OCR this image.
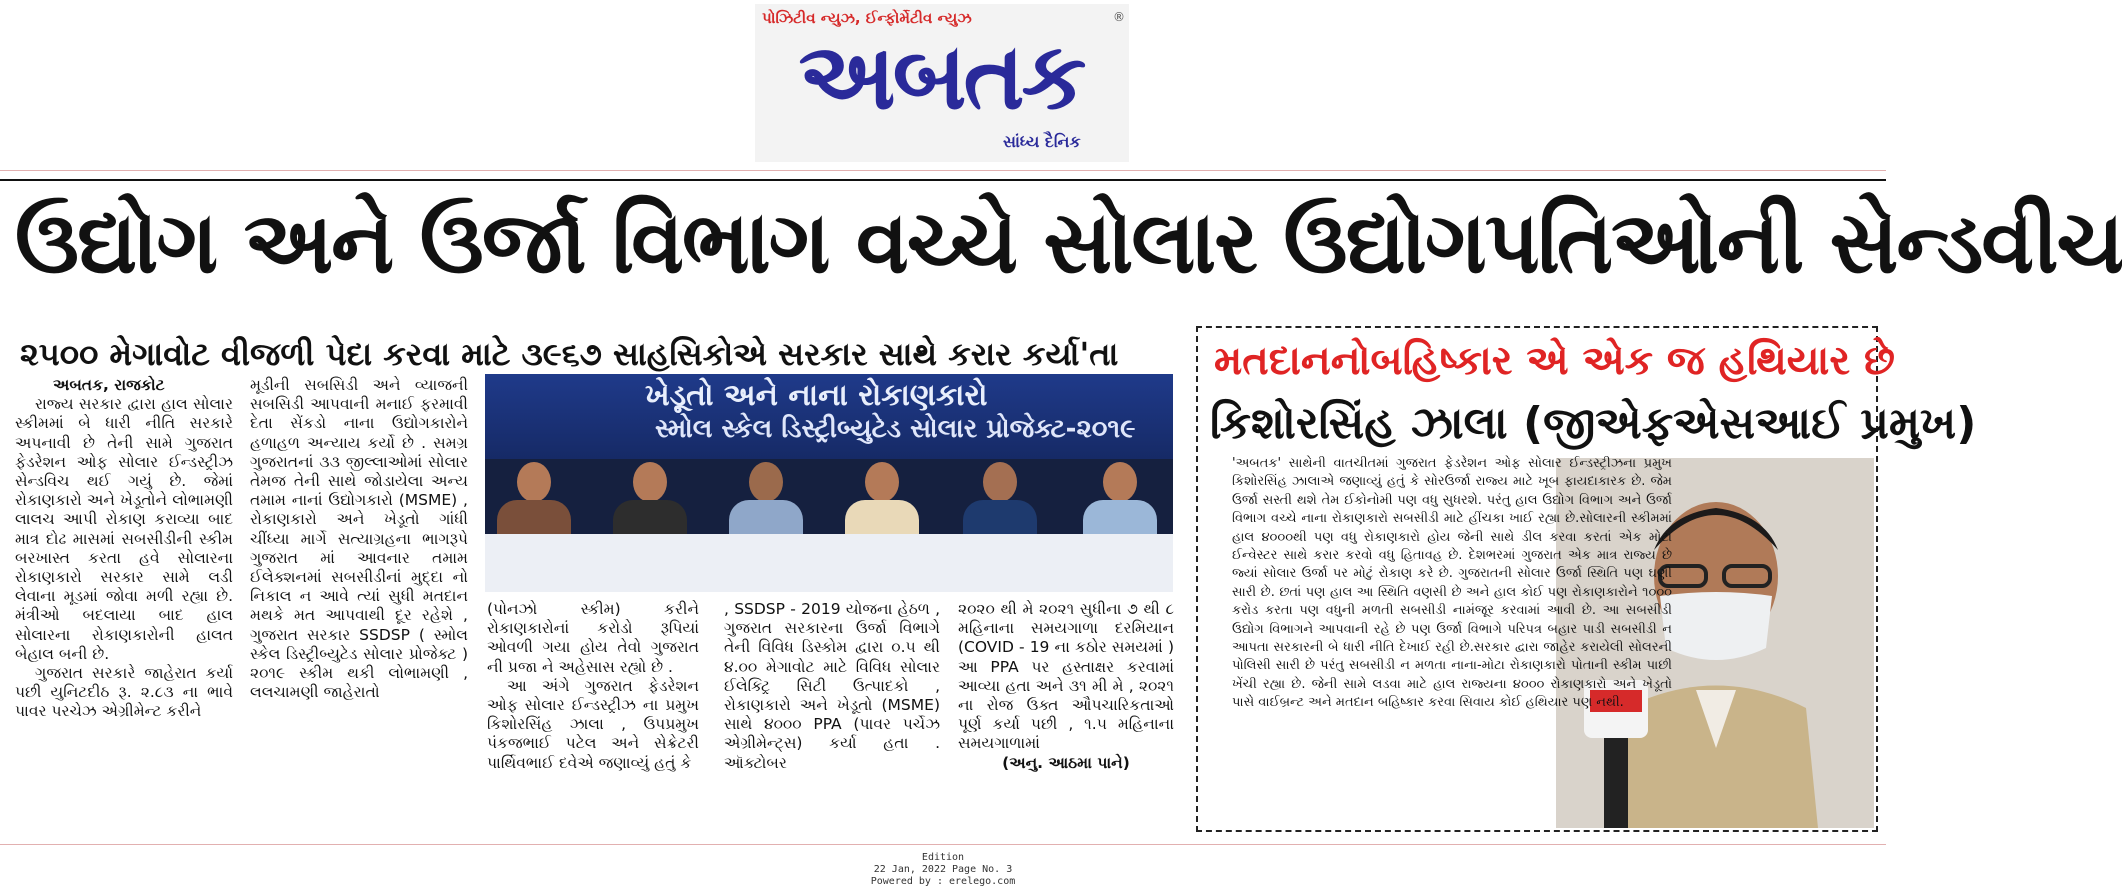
પોઝિટીવ ન્યુઝ, ઈન્ફોર્મેટીવ ન્યુઝ	®
અબતક
સાંધ્ય દૈનિક
ઉદ્યોગ અને ઉર્જા વિભાગ વચ્ચે સોલાર ઉદ્યોગપતિઓની સેન્ડવીચ
૨૫૦૦ મેગાવોટ વીજળી પેદા કરવા માટે ૩૯૬૭ સાહસિકોએ સરકાર સાથે કરાર કર્યા'તા

અબતક, રાજકોટ

રાજ્ય સરકાર દ્વારા હાલ સોલાર સ્કીમમાં બે ધારી નીતિ સરકારે અપનાવી છે તેની સામે ગુજરાત ફેડરેશન ઓફ સોલાર ઈન્ડસ્ટ્રીઝ સેન્ડવિચ થઈ ગયું છે. જેમાં રોકાણકારો અને ખેડૂતોને લોભામણી લાલચ આપી રોકાણ કરાવ્યા બાદ માત્ર દોઢ માસમાં સબસીડીની સ્કીમ બરખાસ્ત કરતા હવે સોલારના રોકાણકારો સરકાર સામે લડી લેવાના મૂડમાં જોવા મળી રહ્યા છે. મંત્રીઓ બદલાયા બાદ હાલ સોલારના રોકાણકારોની હાલત બેહાલ બની છે.

ગુજરાત સરકારે જાહેરાત કર્યા પછી યુનિટદીઠ રૂ. ૨.૮૩ ના ભાવે પાવર પરચેઝ એગ્રીમેન્ટ કરીને

મૂડીની સબસિડી અને વ્યાજની સબસિડી આપવાની મનાઈ ફરમાવી દેતા સેંકડો નાના ઉદ્યોગકારોને હળાહળ અન્યાય કર્યો છે . સમગ્ર ગુજરાતનાં ૩૩ જીલ્લાઓમાં સોલાર તેમજ તેની સાથે જોડાયેલા અન્ય તમામ નાનાં ઉદ્યોગકારો (MSME) , રોકાણકારો અને ખેડૂતો ગાંધી ચીંધ્યા માર્ગે સત્યાગ્રહના ભાગરૂપે ગુજરાત માં આવનાર તમામ ઈલેક્શનમાં સબસીડીનાં મુદ્દા નો નિકાલ ન આવે ત્યાં સુધી મતદાન મથકે મત આપવાથી દૂર રહેશે , ગુજરાત સરકાર SSDSP ( સ્મોલ સ્કેલ ડિસ્ટ્રીબ્યુટેડ સોલાર પ્રોજેક્ટ ) ૨૦૧૯ સ્કીમ થકી લોભામણી , લલચામણી જાહેરાતો

ખેડૂતો અને નાના રોકાણકારો
સ્મોલ સ્કેલ ડિસ્ટ્રીબ્યુટેડ સોલાર પ્રોજેક્ટ-૨૦૧૯

(પોનઝો સ્કીમ) કરીને રોકાણકારોનાં કરોડો રૂપિયાં ઓવળી ગયા હોય તેવો ગુજરાત ની પ્રજા ને અહેસાસ રહ્યો છે .

આ અંગે ગુજરાત ફેડરેશન ઓફ સોલાર ઈન્ડસ્ટ્રીઝ ના પ્રમુખ કિશોરસિંહ ઝાલા , ઉપપ્રમુખ પંકજભાઈ પટેલ અને સેક્રેટરી પાર્થિવભાઈ દવેએ જણાવ્યું હતું કે

, SSDSP - 2019 યોજના હેઠળ , ગુજરાત સરકારના ઉર્જા વિભાગે તેની વિવિધ ડિસ્કોમ દ્વારા ૦.૫ થી ૪.૦૦ મેગાવોટ માટે વિવિધ સોલાર ઈલેક્ટ્રિ સિટી ઉત્પાદકો , રોકાણકારો અને ખેડૂતો (MSME) સાથે ૪૦૦૦ PPA (પાવર પર્ચેઝ એગ્રીમેન્ટ્સ) કર્યા હતા . ઑક્ટોબર

૨૦૨૦ થી મે ૨૦૨૧ સુધીના ૭ થી ૮ મહિનાના સમયગાળા દરમિયાન (COVID - 19 ના કઠોર સમયમાં ) આ PPA પર હસ્તાક્ષર કરવામાં આવ્યા હતા અને ૩૧ મી મે , ૨૦૨૧ ના રોજ ઉક્ત ઔપચારિકતાઓ પૂર્ણ કર્યા પછી , ૧.૫ મહિનાના સમયગાળામાં

(અનુ. આઠમા પાને)

મતદાનનોબહિષ્કાર એ એક જ હથિયાર છે
કિશોરસિંહ ઝાલા (જીએફએસઆઈ પ્રમુખ)
'અબતક' સાથેની વાતચીતમાં ગુજરાત ફેડરેશન ઓફ સોલાર ઈન્ડસ્ટ્રીઝના પ્રમુખ કિશોરસિંહ ઝાલાએ જણાવ્યું હતું કે સોરઉર્જા રાજ્ય માટે ખૂબ ફાયદાકારક છે. જેમ ઉર્જા સસ્તી થશે તેમ ઈકોનોમી પણ વધુ સુધરશે. પરંતુ હાલ ઉદ્યોગ વિભાગ અને ઉર્જા વિભાગ વચ્ચે નાના રોકાણકારો સબસીડી માટે હીંચકા ખાઈ રહ્યા છે.સોલારની સ્કીમમાં હાલ ૪૦૦૦થી પણ વધુ રોકાણકારો હોય જેની સાથે ડીલ કરવા કરતાં એક મોટા ઈન્વેસ્ટર સાથે કરાર કરવો વધુ હિતાવહ છે. દેશભરમાં ગુજરાત એક માત્ર રાજ્ય છે જ્યાં સોલાર ઉર્જા પર મોટું રોકાણ કરે છે. ગુજરાતની સોલાર ઉર્જા સ્થિતિ પણ ઘણી સારી છે. છતાં પણ હાલ આ સ્થિતિ વણસી છે અને હાલ કોઈ પણ રોકાણકારોને ૧૦૦૦ કરોડ કરતા પણ વધુની મળતી સબસીડી નામંજૂર કરવામાં આવી છે. આ સબસીડી ઉદ્યોગ વિભાગને આપવાની રહે છે પણ ઉર્જા વિભાગે પરિપત્ર બહાર પાડી સબસીડી ન આપતા સરકારની બે ધારી નીતિ દેખાઈ રહી છે.સરકાર દ્વારા જાહેર કરાયેલી સોલરની પોલિસી સારી છે પરંતુ સબસીડી ન મળતા નાના-મોટા રોકાણકારો પોતાની સ્કીમ પાછી ખેંચી રહ્યા છે. જેની સામે લડવા માટે હાલ રાજ્યના ૪૦૦૦ રોકાણકારો અને ખેડૂતો પાસે વાઈબ્રન્ટ અને મતદાન બહિષ્કાર કરવા સિવાય કોઈ હથિયાર પણ નથી.
Edition
22 Jan, 2022 Page No. 3
Powered by : erelego.com
